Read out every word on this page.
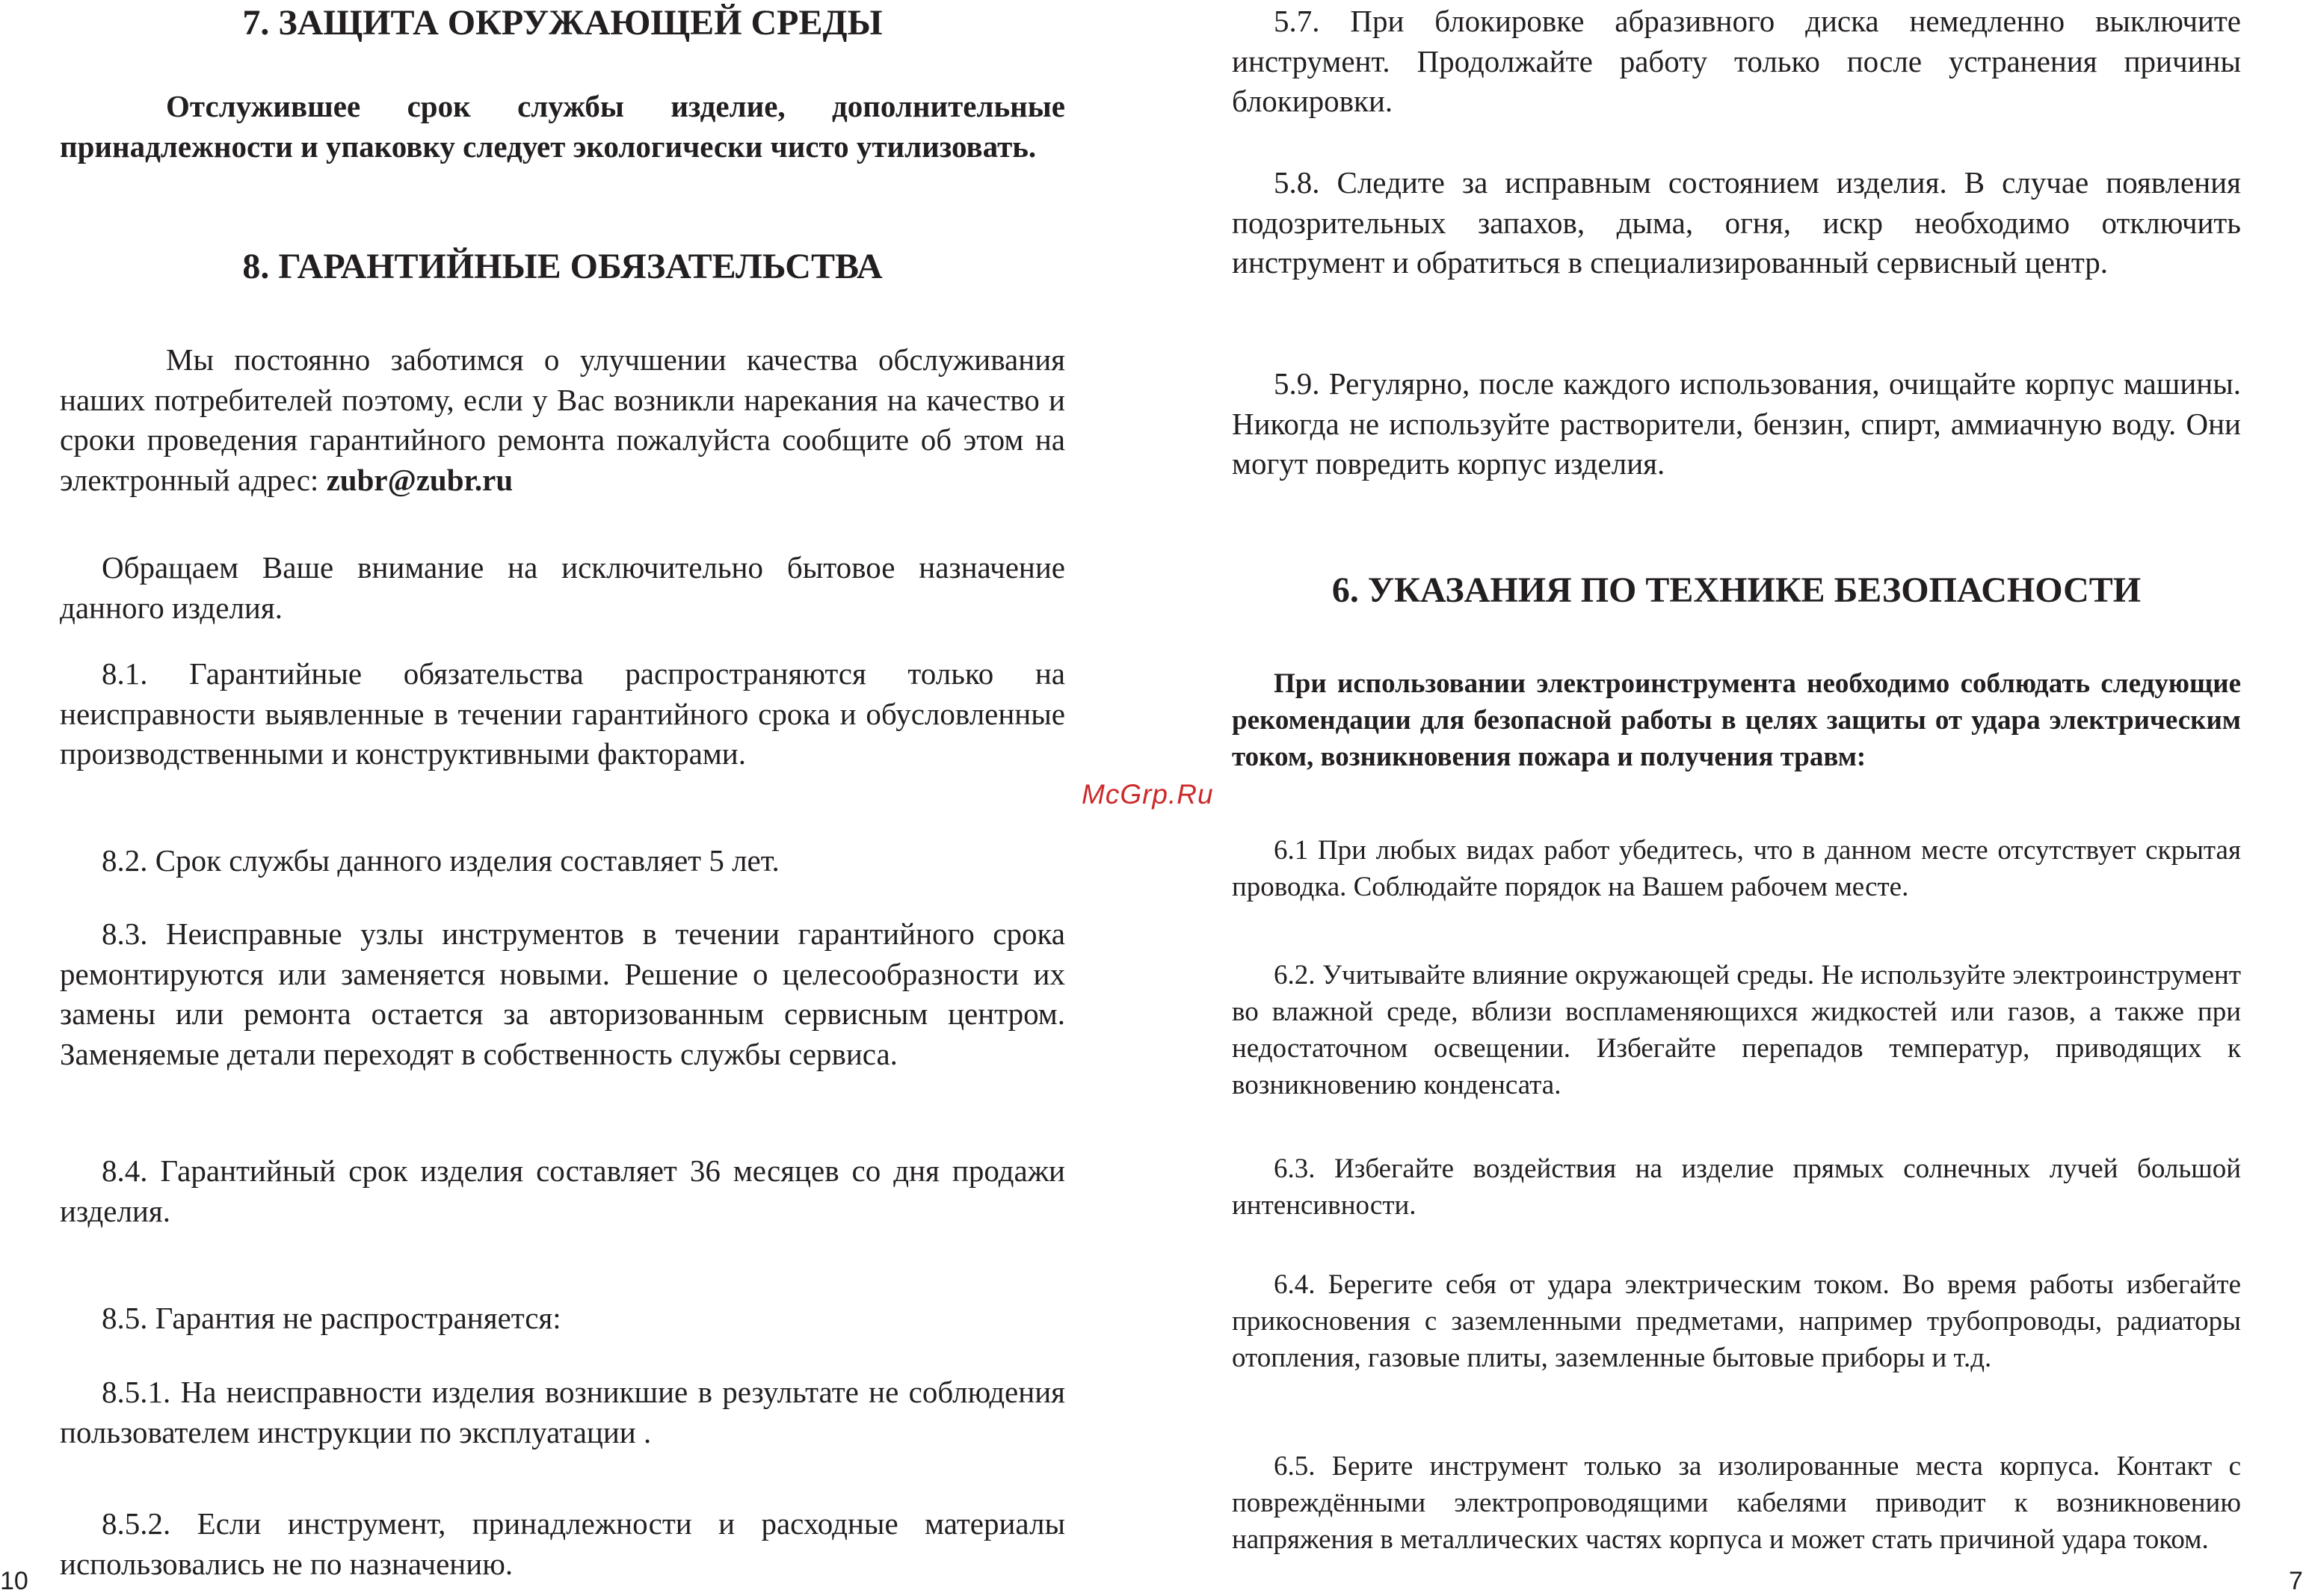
7. ЗАЩИТА ОКРУЖАЮЩЕЙ СРЕДЫ

Отслужившее срок службы изделие, дополнительные принадлежности и упаковку следует экологически чисто утилизовать.

8. ГАРАНТИЙНЫЕ ОБЯЗАТЕЛЬСТВА

Мы постоянно заботимся о улучшении качества обслуживания наших потребителей поэтому, если у Вас возникли нарекания на качество и сроки проведения гарантийного ремонта пожалуйста сообщите об этом на электронный адрес: zubr@zubr.ru

Обращаем Ваше внимание на исключительно бытовое назначение данного изделия.

8.1. Гарантийные обязательства распространяются только на неисправности выявленные в течении гарантийного срока и обусловленные производственными и конструктивными факторами.

8.2. Срок службы данного изделия составляет 5 лет.

8.3. Неисправные узлы инструментов в течении гарантийного срока ремонтируются или заменяется новыми. Решение о целесообразности их замены или ремонта остается за авторизованным сервисным центром. Заменяемые детали переходят в собственность службы сервиса.

8.4. Гарантийный срок изделия составляет 36 месяцев со дня продажи изделия.

8.5. Гарантия не распространяется:

8.5.1. На неисправности изделия возникшие в результате не соблюдения пользователем инструкции по эксплуатации .

8.5.2. Если инструмент, принадлежности и расходные материалы использовались не по назначению.

10
McGrp.Ru

5.7. При блокировке абразивного диска немедленно выключите инструмент. Продолжайте работу только после устранения причины блокировки.

5.8. Следите за исправным состоянием изделия. В случае появления подозрительных запахов, дыма, огня, искр необходимо отключить инструмент и обратиться в специализированный сервисный центр.

5.9. Регулярно, после каждого использования, очищайте корпус машины. Никогда не используйте растворители, бензин, спирт, аммиачную воду. Они могут повредить корпус изделия.

6. УКАЗАНИЯ ПО ТЕХНИКЕ БЕЗОПАСНОСТИ

При использовании электроинструмента необходимо соблюдать следующие рекомендации для безопасной работы в целях защиты от удара электрическим током, возникновения пожара и получения травм:

6.1 При любых видах работ убедитесь, что в данном месте отсутствует скрытая проводка. Соблюдайте порядок на Вашем рабочем месте.

6.2. Учитывайте влияние окружающей среды. Не используйте электроинструмент во влажной среде, вблизи воспламеняющихся жидкостей или газов, а также при недостаточном освещении. Избегайте перепадов температур, приводящих к возникновению конденсата.

6.3. Избегайте воздействия на изделие прямых солнечных лучей большой интенсивности.

6.4. Берегите себя от удара электрическим током. Во время работы избегайте прикосновения с заземленными предметами, например трубопроводы, радиаторы отопления, газовые плиты, заземленные бытовые приборы и т.д.

6.5. Берите инструмент только за изолированные места корпуса. Контакт с повреждёнными электропроводящими кабелями приводит к возникновению напряжения в металлических частях корпуса и может стать причиной удара током.

7
